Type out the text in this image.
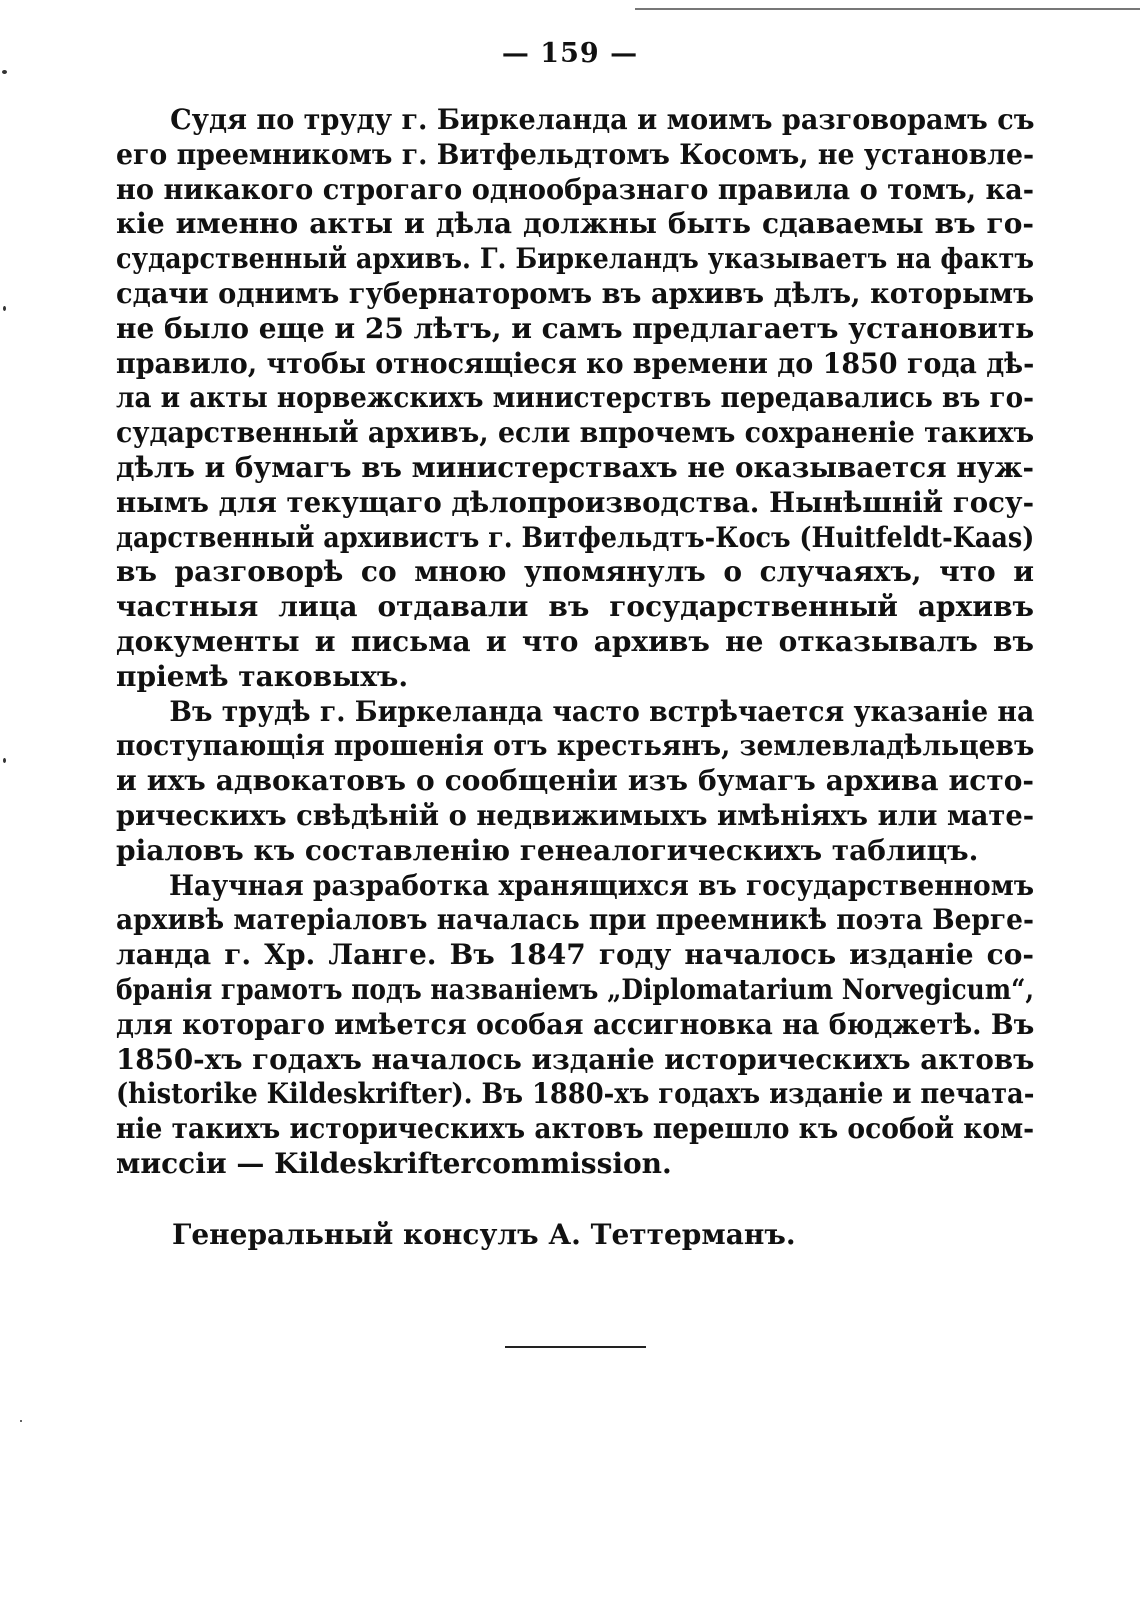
— 159 —
Судя по труду г. Биркеланда и моимъ разговорамъ съ
его преемникомъ г. Витфельдтомъ Косомъ, не установле-
но никакого строгаго однообразнаго правила о томъ, ка-
кіе именно акты и дѣла должны быть сдаваемы въ го-
сударственный архивъ. Г. Биркеландъ указываетъ на фактъ
сдачи однимъ губернаторомъ въ архивъ дѣлъ, которымъ
не было еще и 25 лѣтъ, и самъ предлагаетъ установить
правило, чтобы относящіеся ко времени до 1850 года дѣ-
ла и акты норвежскихъ министерствъ передавались въ го-
сударственный архивъ, если впрочемъ сохраненіе такихъ
дѣлъ и бумагъ въ министерствахъ не оказывается нуж-
нымъ для текущаго дѣлопроизводства. Нынѣшній госу-
дарственный архивистъ г. Витфельдтъ-Косъ (Huitfeldt-Kaas)
въ разговорѣ со мною упомянулъ о случаяхъ, что и
частныя лица отдавали въ государственный архивъ
документы и письма и что архивъ не отказывалъ въ
пріемѣ таковыхъ.
Въ трудѣ г. Биркеланда часто встрѣчается указаніе на
поступающія прошенія отъ крестьянъ, землевладѣльцевъ
и ихъ адвокатовъ о сообщеніи изъ бумагъ архива исто-
рическихъ свѣдѣній о недвижимыхъ имѣніяхъ или мате-
ріаловъ къ составленію генеалогическихъ таблицъ.
Научная разработка хранящихся въ государственномъ
архивѣ матеріаловъ началась при преемникѣ поэта Верге-
ланда г. Хр. Ланге. Въ 1847 году началось изданіе со-
бранія грамотъ подъ названіемъ „Diplomatarium Norvegicum“,
для котораго имѣется особая ассигновка на бюджетѣ. Въ
1850-хъ годахъ началось изданіе историческихъ актовъ
(historike Kildeskrifter). Въ 1880-хъ годахъ изданіе и печата-
ніе такихъ историческихъ актовъ перешло къ особой ком-
миссіи — Kildeskriftercommission.
Генеральный консулъ А. Теттерманъ.
